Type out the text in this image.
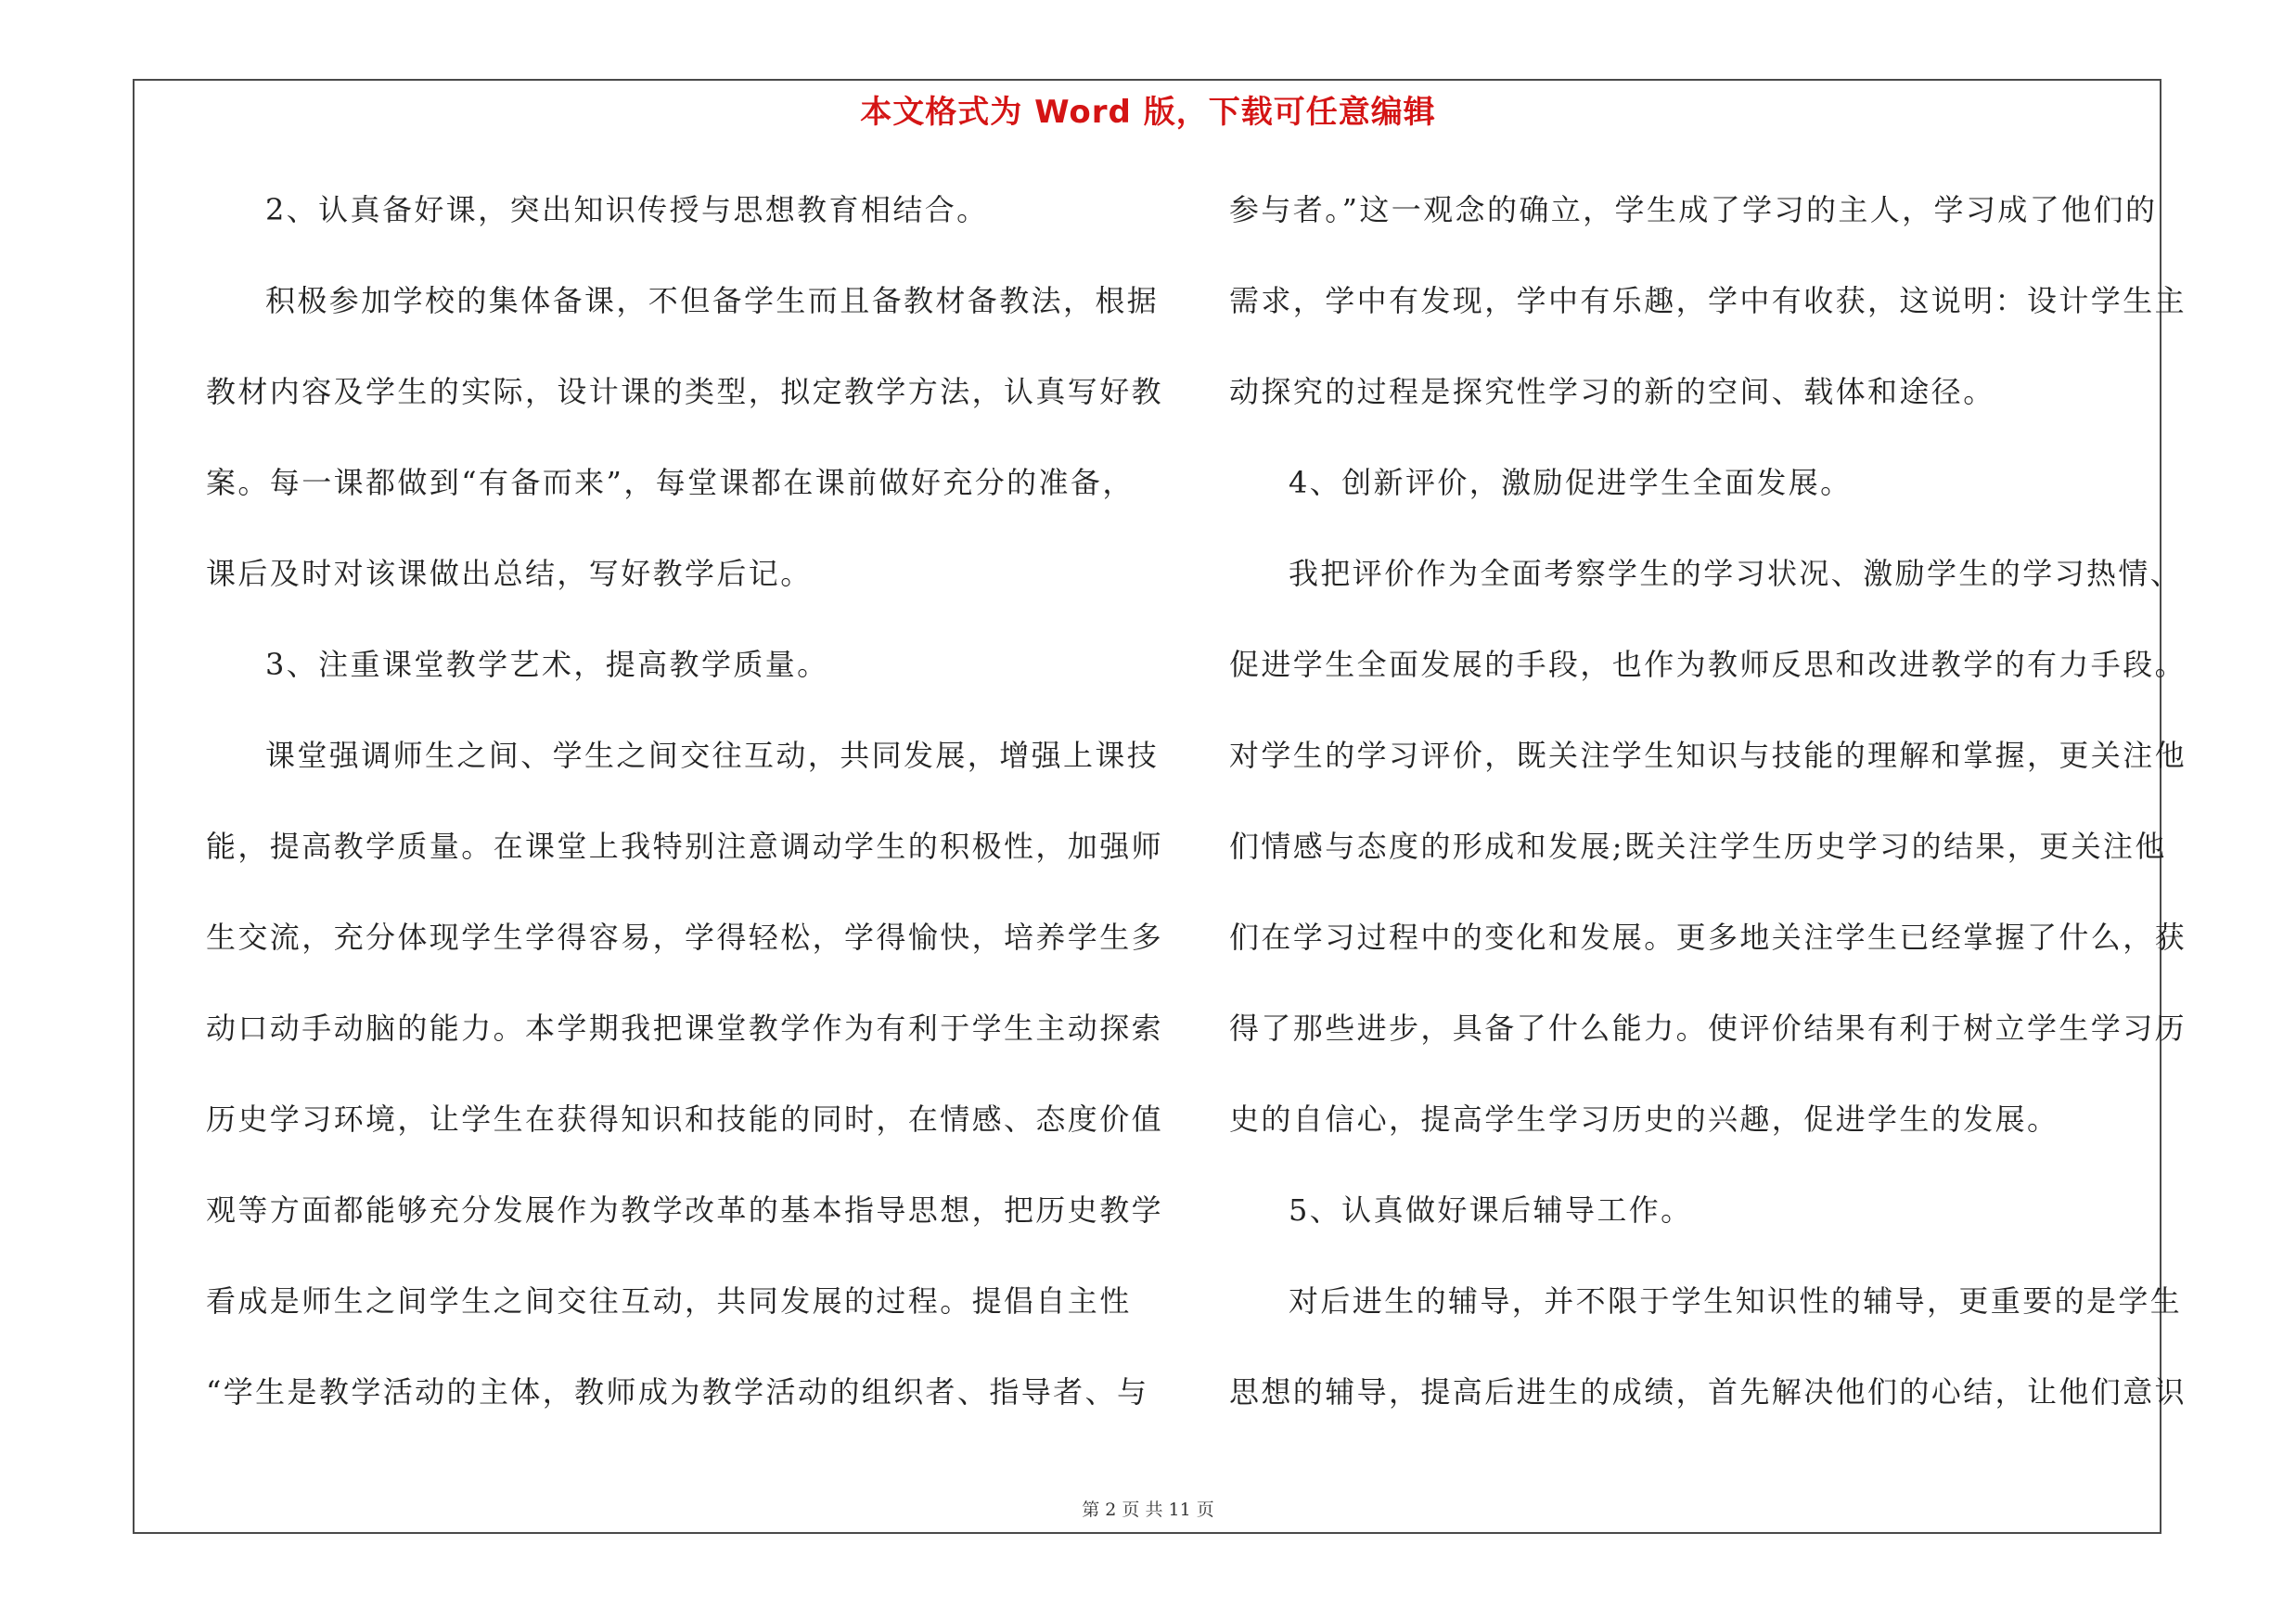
本文格式为 Word 版，下载可任意编辑
2、认真备好课，突出知识传授与思想教育相结合。
积极参加学校的集体备课，不但备学生而且备教材备教法，根据
教材内容及学生的实际，设计课的类型，拟定教学方法，认真写好教
案。每一课都做到“有备而来”，每堂课都在课前做好充分的准备，
课后及时对该课做出总结，写好教学后记。
3、注重课堂教学艺术，提高教学质量。
课堂强调师生之间、学生之间交往互动，共同发展，增强上课技
能，提高教学质量。在课堂上我特别注意调动学生的积极性，加强师
生交流，充分体现学生学得容易，学得轻松，学得愉快，培养学生多
动口动手动脑的能力。本学期我把课堂教学作为有利于学生主动探索
历史学习环境，让学生在获得知识和技能的同时，在情感、态度价值
观等方面都能够充分发展作为教学改革的基本指导思想，把历史教学
看成是师生之间学生之间交往互动，共同发展的过程。提倡自主性
“学生是教学活动的主体，教师成为教学活动的组织者、指导者、与
参与者。”这一观念的确立，学生成了学习的主人，学习成了他们的
需求，学中有发现，学中有乐趣，学中有收获，这说明：设计学生主
动探究的过程是探究性学习的新的空间、载体和途径。
4、创新评价，激励促进学生全面发展。
我把评价作为全面考察学生的学习状况、激励学生的学习热情、
促进学生全面发展的手段，也作为教师反思和改进教学的有力手段。
对学生的学习评价，既关注学生知识与技能的理解和掌握，更关注他
们情感与态度的形成和发展;既关注学生历史学习的结果，更关注他
们在学习过程中的变化和发展。更多地关注学生已经掌握了什么，获
得了那些进步，具备了什么能力。使评价结果有利于树立学生学习历
史的自信心，提高学生学习历史的兴趣，促进学生的发展。
5、认真做好课后辅导工作。
对后进生的辅导，并不限于学生知识性的辅导，更重要的是学生
思想的辅导，提高后进生的成绩，首先解决他们的心结，让他们意识
第 2 页 共 11 页
